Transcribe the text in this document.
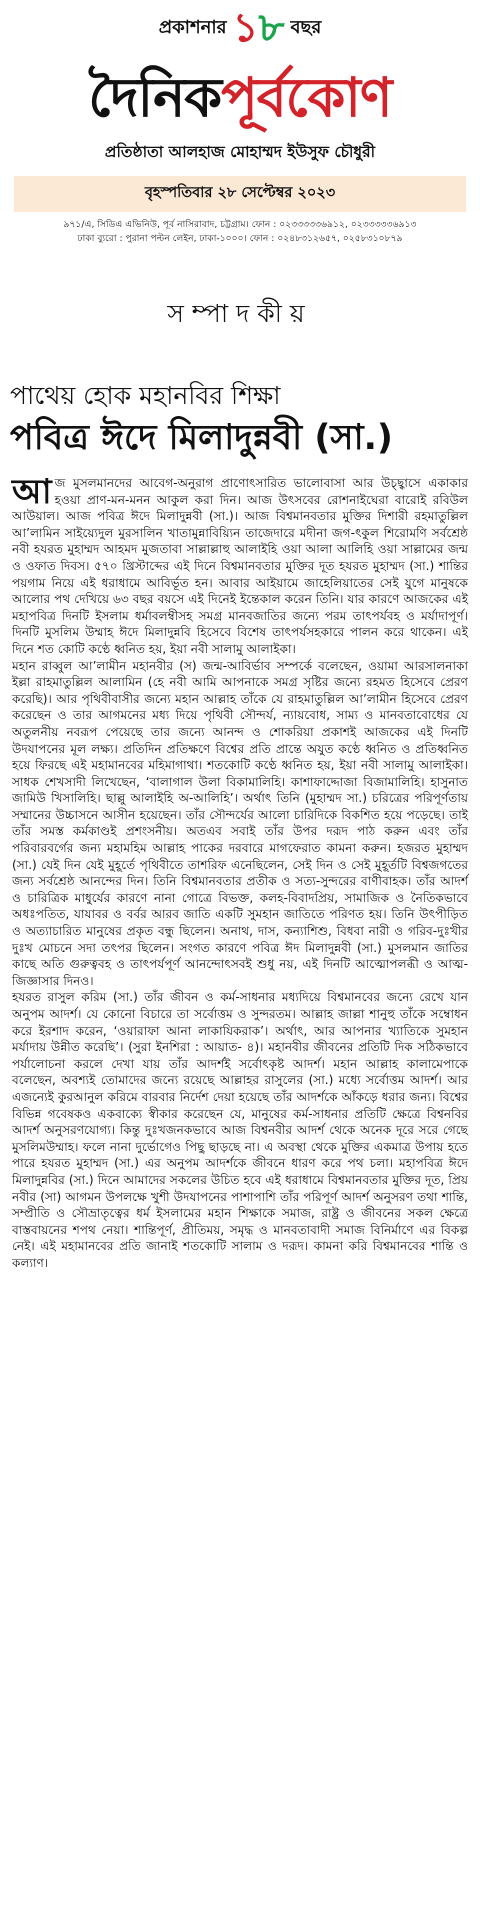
প্রকাশনার ১৮ বছর
দৈনিক পূর্বকোণ
প্রতিষ্ঠাতা আলহাজ মোহাম্মদ ইউসুফ চৌধুরী
বৃহস্পতিবার ২৮ সেপ্টেম্বর ২০২৩
৯৭১/এ, সিডিএ এভিনিউ, পূর্ব নাসিরাবাদ, চট্টগ্রাম। ফোন : ০২৩৩৩৩৩৬৯১২, ০২৩৩৩৩৩৬৯১৩
ঢাকা ব্যুরো : পুরানা পল্টন লেইন, ঢাকা-১০০০। ফোন : ০২৪৮৩১২৬৫৭, ০২৫৮৩১০৮৭৯
সম্পাদকীয়
পাথেয় হোক মহানবির শিক্ষা
পবিত্র ঈদে মিলাদুন্নবী (সা.)

আজ মুসলমানদের আবেগ-অনুরাগ প্রাণোৎসারিত ভালোবাসা আর উচ্ছ্বাসে একাকার হওয়া প্রাণ-মন-মনন আকুল করা দিন। আজ উৎসবের রোশনাইঘেরা বারোই রবিউল আউয়াল। আজ পবিত্র ঈদে মিলাদুন্নবী (সা.)। আজ বিশ্বমানবতার মুক্তির দিশারী রহমাতুল্লিল আ’লামিন সাইয়্যেদুল মুরসালিন খাতামুন্নাবিয়্যিন তাজেদারে মদীনা জগ-ৎকুল শিরোমণি সর্বশ্রেষ্ঠ নবী হযরত মুহাম্মদ আহমদ মুজতাবা সাল্লাল্লাহু আলাইহি ওয়া আলা আলিহি ওয়া সাল্লামের জন্ম ও ওফাত দিবস। ৫৭০ খ্রিস্টাব্দের এই দিনে বিশ্বমানবতার মুক্তির দূত হযরত মুহাম্মদ (সা.) শান্তির পয়গাম নিয়ে এই ধরাধামে আবির্ভূত হন। আবার আইয়ামে জাহেলিয়াতের সেই যুগে মানুষকে আলোর পথ দেখিয়ে ৬৩ বছর বয়সে এই দিনেই ইন্তেকাল করেন তিনি। যার কারণে আজকের এই মহাপবিত্র দিনটি ইসলাম ধর্মাবলম্বীসহ সমগ্র মানবজাতির জন্যে পরম তাৎপর্যবহ ও মর্যাদাপূর্ণ। দিনটি মুসলিম উম্মাহ ঈদে মিলাদুন্নবি হিসেবে বিশেষ তাৎপর্যসহকারে পালন করে থাকেন। এই দিনে শত কোটি কণ্ঠে ধ্বনিত হয়, ইয়া নবী সালামু আলাইকা।

মহান রাব্বুল আ’লামীন মহানবীর (স) জন্ম-আবির্ভাব সম্পর্কে বলেছেন, ওয়ামা আরসালনাকা ইল্লা রাহমাতুল্লিল আলামিন (হে নবী আমি আপনাকে সমগ্র সৃষ্টির জন্যে রহমত হিসেবে প্রেরণ করেছি)। আর পৃথিবীবাসীর জন্যে মহান আল্লাহ তাঁকে যে রাহমাতুল্লিল আ’লামীন হিসেবে প্রেরণ করেছেন ও তার আগমনের মধ্য দিয়ে পৃথিবী সৌন্দর্য, ন্যায়বোধ, সাম্য ও মানবতাবোধের যে অতুলনীয় নবরূপ পেয়েছে তার জন্যে আনন্দ ও শোকরিয়া প্রকাশই আজকের এই দিনটি উদযাপনের মূল লক্ষ্য। প্রতিদিন প্রতিক্ষণে বিশ্বের প্রতি প্রান্তে অযুত কণ্ঠে ধ্বনিত ও প্রতিধ্বনিত হয়ে ফিরছে এই মহামানবের মহিমাগাথা। শতকোটি কণ্ঠে ধ্বনিত হয়, ইয়া নবী সালামু আলাইকা। সাধক শেখসাদী লিখেছেন, ‘বালাগাল উলা বিকামালিহি। কাশাফাদ্দোজা বিজামালিহি। হাসুনাত জামিউ খিসালিহি। ছাল্লু আলাইহি অ-আলিহি’। অর্থাৎ তিনি (মুহাম্মদ সা.) চরিত্রের পরিপূর্ণতায় সম্মানের উচ্চাসনে আসীন হয়েছেন। তাঁর সৌন্দর্যের আলো চারিদিকে বিকশিত হয়ে পড়েছে। তাই তাঁর সমস্ত কর্মকাণ্ডই প্রশংসনীয়। অতএব সবাই তাঁর উপর দরূদ পাঠ করুন এবং তাঁর পরিবারবর্গের জন্য মহামহিম আল্লাহ পাকের দরবারে মাগফেরাত কামনা করুন। হজরত মুহাম্মদ (সা.) যেই দিন যেই মুহূর্তে পৃথিবীতে তাশরিফ এনেছিলেন, সেই দিন ও সেই মুহূর্তটি বিশ্বজগতের জন্য সর্বশ্রেষ্ঠ আনন্দের দিন। তিনি বিশ্বমানবতার প্রতীক ও সত্য-সুন্দরের বাণীবাহক। তাঁর আদর্শ ও চারিত্রিক মাধুর্যের কারণে নানা গোত্রে বিভক্ত, কলহ-বিবাদপ্রিয়, সামাজিক ও নৈতিকভাবে অধঃপতিত, যাযাবর ও বর্বর আরব জাতি একটি সুমহান জাতিতে পরিণত হয়। তিনি উৎপীড়িত ও অত্যাচারিত মানুষের প্রকৃত বন্ধু ছিলেন। অনাথ, দাস, কন্যাশিশু, বিধবা নারী ও গরিব-দুঃখীর দুঃখ মোচনে সদা তৎপর ছিলেন। সংগত কারণে পবিত্র ঈদ মিলাদুন্নবী (সা.) মুসলমান জাতির কাছে অতি গুরুত্ববহ ও তাৎপর্যপূর্ণ আনন্দোৎসবই শুধু নয়, এই দিনটি আত্মোপলব্ধী ও আত্ম-জিজ্ঞাসার দিনও।

হযরত রাসুল করিম (সা.) তাঁর জীবন ও কর্ম-সাধনার মধ্যদিয়ে বিশ্বমানবের জন্যে রেখে যান অনুপম আদর্শ। যে কোনো বিচারে তা সর্বোত্তম ও সুন্দরতম। আল্লাহ জাল্লা শানুহু তাঁকে সম্বোধন করে ইরশাদ করেন, ‘ওয়ারাফা আনা লাকাযিকরাক’। অর্থাৎ, আর আপনার খ্যাতিকে সুমহান মর্যাদায় উন্নীত করেছি’। (সুরা ইনশিরা : আয়াত- ৪)। মহানবীর জীবনের প্রতিটি দিক সঠিকভাবে পর্যালোচনা করলে দেখা যায় তাঁর আদর্শই সর্বোৎকৃষ্ট আদর্শ। মহান আল্লাহ কালামেপাকে বলেছেন, অবশ্যই তোমাদের জন্যে রয়েছে আল্লাহর রাসুলের (সা.) মধ্যে সর্বোত্তম আদর্শ। আর এজন্যেই কুরআনুল করিমে বারবার নির্দেশ দেয়া হয়েছে তাঁর আদর্শকে আঁকড়ে ধরার জন্য। বিশ্বের বিভিন্ন গবেষকও একবাক্যে স্বীকার করেছেন যে, মানুষের কর্ম-সাধনার প্রতিটি ক্ষেত্রে বিশ্বনবির আদর্শ অনুসরণযোগ্য। কিন্তু দুঃখজনকভাবে আজ বিশ্বনবীর আদর্শ থেকে অনেক দূরে সরে গেছে মুসলিমউম্মাহ। ফলে নানা দুর্ভোগেও পিছু ছাড়ছে না। এ অবস্থা থেকে মুক্তির একমাত্র উপায় হতে পারে হযরত মুহাম্মদ (সা.) এর অনুপম আদর্শকে জীবনে ধারণ করে পথ চলা। মহাপবিত্র ঈদে মিলাদুন্নবির (সা.) দিনে আমাদের সকলের উচিত হবে এই ধরাধামে বিশ্বমানবতার মুক্তির দূত, প্রিয় নবীর (সা) আগমন উপলক্ষে খুশী উদযাপনের পাশাপাশি তাঁর পরিপূর্ণ আদর্শ অনুসরণ তথা শান্তি, সম্প্রীতি ও সৌভ্রাতৃত্বের ধর্ম ইসলামের মহান শিক্ষাকে সমাজ, রাষ্ট্র ও জীবনের সকল ক্ষেত্রে বাস্তবায়নের শপথ নেয়া। শান্তিপূর্ণ, প্রীতিময়, সমৃদ্ধ ও মানবতাবাদী সমাজ বিনির্মাণে এর বিকল্প নেই। এই মহামানবের প্রতি জানাই শতকোটি সালাম ও দরূদ। কামনা করি বিশ্বমানবের শান্তি ও কল্যাণ।
